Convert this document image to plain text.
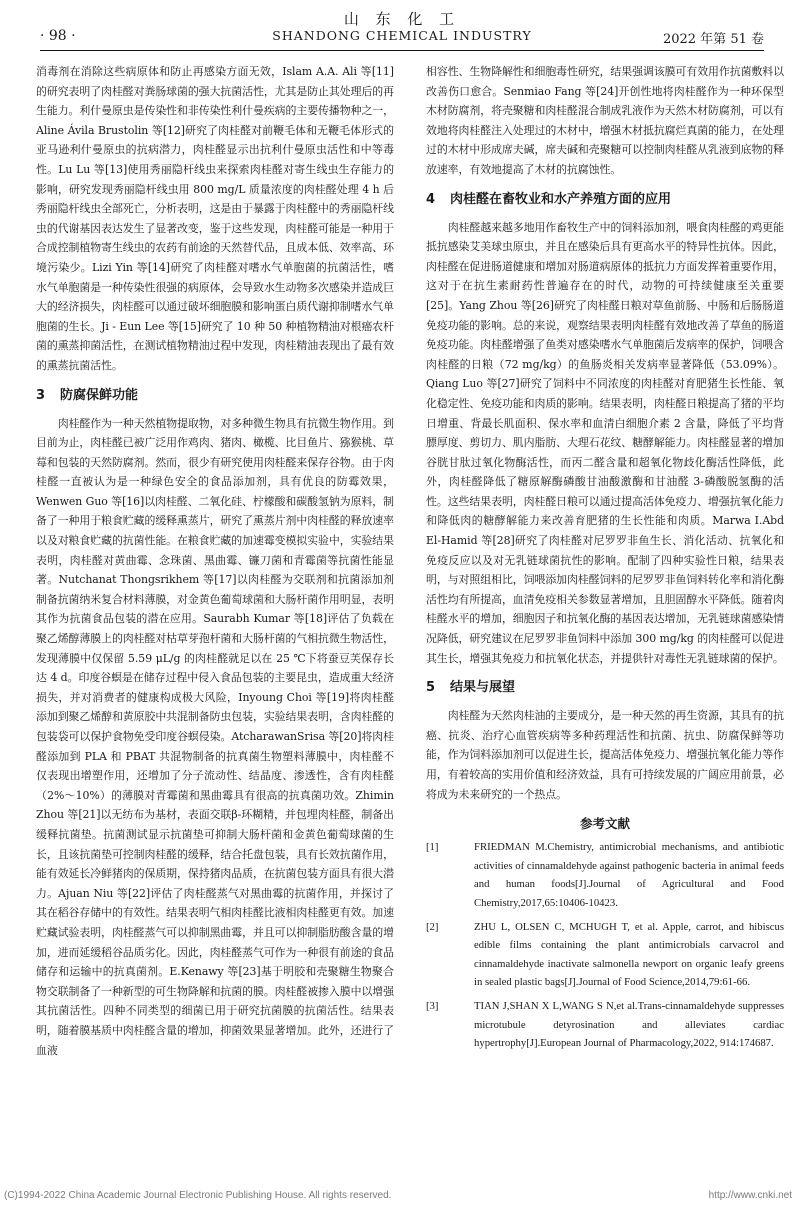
· 98 ·
山 东 化 工
SHANDONG CHEMICAL INDUSTRY	2022 年第 51 卷

消毒剂在消除这些病原体和防止再感染方面无效，Islam A.A. Ali 等[11]的研究表明了肉桂醛对粪肠球菌的强大抗菌活性，尤其是防止其处理后的再生能力。利什曼原虫是传染性和非传染性利什曼疾病的主要传播物种之一，Aline Ávila Brustolin 等[12]研究了肉桂醛对前鞭毛体和无鞭毛体形式的亚马逊利什曼原虫的抗病潜力，肉桂醛显示出抗利什曼原虫活性和中等毒性。Lu Lu 等[13]使用秀丽隐杆线虫来探索肉桂醛对寄生线虫生存能力的影响，研究发现秀丽隐杆线虫用 800 mg/L 质量浓度的肉桂醛处理 4 h 后秀丽隐杆线虫全部死亡，分析表明，这是由于暴露于肉桂醛中的秀丽隐杆线虫的代谢基因表达发生了显著改变，鉴于这些发现，肉桂醛可能是一种用于合成控制植物寄生线虫的农药有前途的天然替代品，且成本低、效率高、环境污染少。Lizi Yin 等[14]研究了肉桂醛对嗜水气单胞菌的抗菌活性，嗜水气单胞菌是一种传染性很强的病原体，会导致水生动物多次感染并造成巨大的经济损失，肉桂醛可以通过破坏细胞膜和影响蛋白质代谢抑制嗜水气单胞菌的生长。Ji - Eun Lee 等[15]研究了 10 种 50 种植物精油对根癌农杆菌的熏蒸抑菌活性，在测试植物精油过程中发现，肉桂精油表现出了最有效的熏蒸抗菌活性。

3 防腐保鲜功能

肉桂醛作为一种天然植物提取物，对多种微生物具有抗微生物作用。到目前为止，肉桂醛已被广泛用作鸡肉、猪肉、橄榄、比目鱼片、猕猴桃、草莓和包装的天然防腐剂。然而，很少有研究使用肉桂醛来保存谷物。由于肉桂醛一直被认为是一种绿色安全的食品添加剂，具有优良的防霉效果，Wenwen Guo 等[16]以肉桂醛、二氧化硅、柠檬酸和碳酸氢钠为原料，制备了一种用于粮食贮藏的缓释熏蒸片，研究了熏蒸片剂中肉桂醛的释放速率以及对粮食贮藏的抗菌性能。在粮食贮藏的加速霉变模拟实验中，实验结果表明，肉桂醛对黄曲霉、念珠菌、黑曲霉、镰刀菌和青霉菌等抗菌性能显著。Nutchanat Thongsrikhem 等[17]以肉桂醛为交联剂和抗菌添加剂制备抗菌纳米复合材料薄膜，对金黄色葡萄球菌和大肠杆菌作用明显，表明其作为抗菌食品包装的潜在应用。Saurabh Kumar 等[18]评估了负载在聚乙烯醇薄膜上的肉桂醛对枯草芽孢杆菌和大肠杆菌的气相抗微生物活性，发现薄膜中仅保留 5.59 μL/g 的肉桂醛就足以在 25 ℃下将蚕豆芙保存长达 4 d。印度谷螟是在储存过程中侵入食品包装的主要昆虫，造成重大经济损失，并对消费者的健康构成极大风险，Inyoung Choi 等[19]将肉桂醛添加到聚乙烯醇和黄原胶中共混制备防虫包装，实验结果表明，含肉桂醛的包装袋可以保护食物免受印度谷螟侵染。AtcharawanSrisa 等[20]将肉桂醛添加到 PLA 和 PBAT 共混物制备的抗真菌生物塑料薄膜中，肉桂醛不仅表现出增塑作用，还增加了分子流动性、结晶度、渗透性，含有肉桂醛（2%～10%）的薄膜对青霉菌和黑曲霉具有很高的抗真菌功效。Zhimin Zhou 等[21]以无纺布为基材，表面交联β-环糊精，并包埋肉桂醛，制备出缓释抗菌垫。抗菌测试显示抗菌垫可抑制大肠杆菌和金黄色葡萄球菌的生长，且该抗菌垫可控制肉桂醛的缓释，结合托盘包装，具有长效抗菌作用，能有效延长冷鲜猪肉的保质期，保持猪肉品质，在抗菌包装方面具有很大潜力。Ajuan Niu 等[22]评估了肉桂醛蒸气对黑曲霉的抗菌作用，并探讨了其在稻谷存储中的有效性。结果表明气相肉桂醛比液相肉桂醛更有效。加速贮藏试验表明，肉桂醛蒸气可以抑制黑曲霉，并且可以抑制脂肪酸含量的增加，进而延缓稻谷品质劣化。因此，肉桂醛蒸气可作为一种很有前途的食品储存和运输中的抗真菌剂。E.Kenawy 等[23]基于明胶和壳聚糖生物聚合物交联制备了一种新型的可生物降解和抗菌的膜。肉桂醛被掺入膜中以增强其抗菌活性。四种不同类型的细菌已用于研究抗菌膜的抗菌活性。结果表明，随着膜基质中肉桂醛含量的增加，抑菌效果显著增加。此外，还进行了血液

相容性、生物降解性和细胞毒性研究，结果强调该膜可有效用作抗菌敷料以改善伤口愈合。Senmiao Fang 等[24]开创性地将肉桂醛作为一种环保型木材防腐剂，将壳聚糖和肉桂醛混合制成乳液作为天然木材防腐剂，可以有效地将肉桂醛注入处理过的木材中，增强木材抵抗腐烂真菌的能力，在处理过的木材中形成席夫碱，席夫碱和壳聚糖可以控制肉桂醛从乳液到底物的释放速率，有效地提高了木材的抗腐蚀性。

4 肉桂醛在畜牧业和水产养殖方面的应用

肉桂醛越来越多地用作畜牧生产中的饲料添加剂，喂食肉桂醛的鸡更能抵抗感染艾美球虫原虫，并且在感染后具有更高水平的特异性抗体。因此，肉桂醛在促进肠道健康和增加对肠道病原体的抵抗力方面发挥着重要作用，这对于在抗生素耐药性普遍存在的时代，动物的可持续健康至关重要[25]。Yang Zhou 等[26]研究了肉桂醛日粮对草鱼前肠、中肠和后肠肠道免疫功能的影响。总的来说，观察结果表明肉桂醛有效地改善了草鱼的肠道免疫功能。肉桂醛增强了鱼类对感染嗜水气单胞菌后发病率的保护，饲喂含肉桂醛的日粮（72 mg/kg）的鱼肠炎相关发病率显著降低（53.09%）。Qiang Luo 等[27]研究了饲料中不同浓度的肉桂醛对育肥猪生长性能、氧化稳定性、免疫功能和肉质的影响。结果表明，肉桂醛日粮提高了猪的平均日增重、背最长肌面积、保水率和血清白细胞介素 2 含量，降低了平均背膘厚度、剪切力、肌内脂肪、大理石花纹、糖酵解能力。肉桂醛显著的增加谷胱甘肽过氧化物酶活性，而丙二醛含量和超氧化物歧化酶活性降低，此外，肉桂醛降低了糖原解酶磷酸甘油酸激酶和甘油醛 3-磷酸脱氢酶的活性。这些结果表明，肉桂醛日粮可以通过提高活体免疫力、增强抗氧化能力和降低肉的糖酵解能力来改善育肥猪的生长性能和肉质。Marwa I.Abd El-Hamid 等[28]研究了肉桂醛对尼罗罗非鱼生长、消化活动、抗氧化和免疫反应以及对无乳链球菌抗性的影响。配制了四种实验性日粮，结果表明，与对照组相比，饲喂添加肉桂醛饲料的尼罗罗非鱼饲料转化率和消化酶活性均有所提高，血清免疫相关参数显著增加，且胆固醇水平降低。随着肉桂醛水平的增加，细胞因子和抗氧化酶的基因表达增加，无乳链球菌感染情况降低，研究建议在尼罗罗非鱼饲料中添加 300 mg/kg 的肉桂醛可以促进其生长，增强其免疫力和抗氧化状态，并提供针对毒性无乳链球菌的保护。

5 结果与展望

肉桂醛为天然肉桂油的主要成分，是一种天然的再生资源，其具有的抗癌、抗炎、治疗心血管疾病等多种药理活性和抗菌、抗虫、防腐保鲜等功能，作为饲料添加剂可以促进生长，提高活体免疫力、增强抗氧化能力等作用，有着较高的实用价值和经济效益，具有可持续发展的广阔应用前景，必将成为未来研究的一个热点。

参考文献
[1]	FRIEDMAN M.Chemistry, antimicrobial mechanisms, and antibiotic activities of cinnamaldehyde against pathogenic bacteria in animal feeds and human foods[J].Journal of Agricultural and Food Chemistry,2017,65:10406-10423.
[2]	ZHU L, OLSEN C, MCHUGH T, et al. Apple, carrot, and hibiscus edible films containing the plant antimicrobials carvacrol and cinnamaldehyde inactivate salmonella newport on organic leafy greens in sealed plastic bags[J].Journal of Food Science,2014,79:61-66.
[3]	TIAN J,SHAN X L,WANG S N,et al.Trans-cinnamaldehyde suppresses microtubule detyrosination and alleviates cardiac hypertrophy[J].European Journal of Pharmacology,2022, 914:174687.
(C)1994-2022 China Academic Journal Electronic Publishing House. All rights reserved.	http://www.cnki.net
